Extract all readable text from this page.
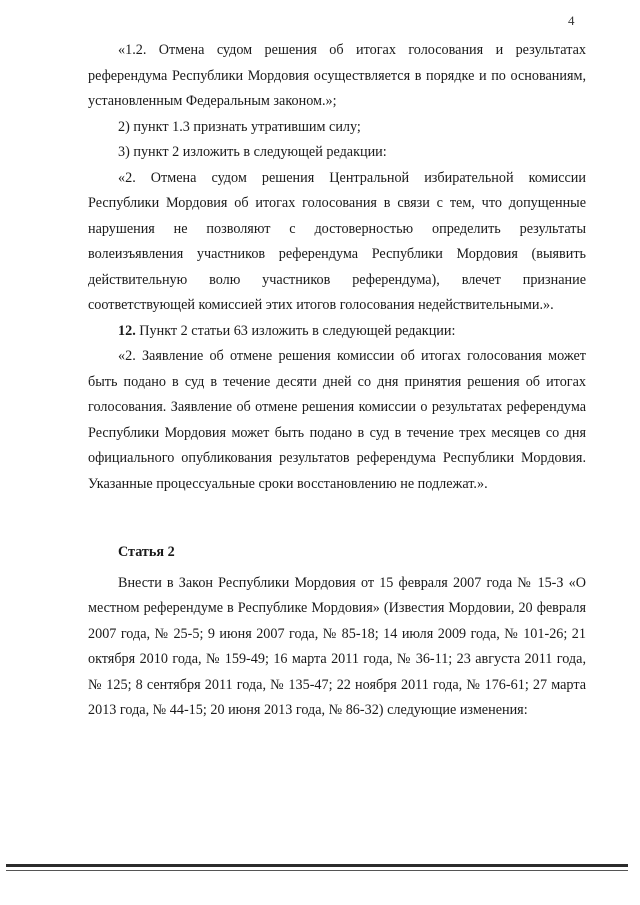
4

«1.2. Отмена судом решения об итогах голосования и результатах референдума Республики Мордовия осуществляется в порядке и по основаниям, установленным Федеральным законом.»;

2) пункт 1.3 признать утратившим силу;

3) пункт 2 изложить в следующей редакции:

«2. Отмена судом решения Центральной избирательной комиссии Республики Мордовия об итогах голосования в связи с тем, что допущенные нарушения не позволяют с достоверностью определить результаты волеизъявления участников референдума Республики Мордовия (выявить действительную волю участников референдума), влечет признание соответствующей комиссией этих итогов голосования недействительными.».

12. Пункт 2 статьи 63 изложить в следующей редакции:

«2. Заявление об отмене решения комиссии об итогах голосования может быть подано в суд в течение десяти дней со дня принятия решения об итогах голосования. Заявление об отмене решения комиссии о результатах референдума Республики Мордовия может быть подано в суд в течение трех месяцев со дня официального опубликования результатов референдума Республики Мордовия. Указанные процессуальные сроки восстановлению не подлежат.».

Статья 2

Внести в Закон Республики Мордовия от 15 февраля 2007 года № 15-З «О местном референдуме в Республике Мордовия» (Известия Мордовии, 20 февраля 2007 года, № 25-5; 9 июня 2007 года, № 85-18; 14 июля 2009 года, № 101-26; 21 октября 2010 года, № 159-49; 16 марта 2011 года, № 36-11; 23 августа 2011 года, № 125; 8 сентября 2011 года, № 135-47; 22 ноября 2011 года, № 176-61; 27 марта 2013 года, № 44-15; 20 июня 2013 года, № 86-32) следующие изменения:
